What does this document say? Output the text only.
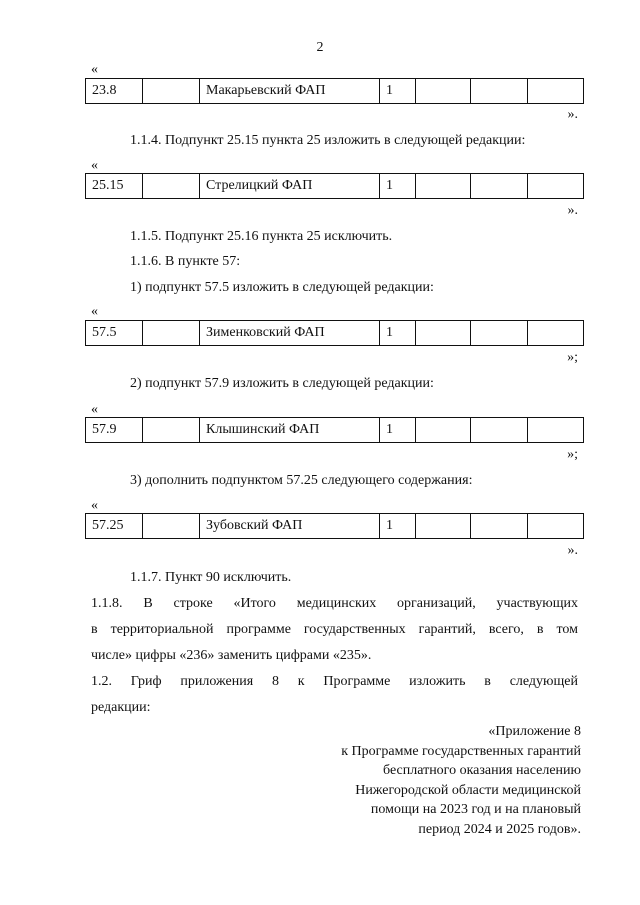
2
«
23.8		Макарьевский ФАП	1			
».
1.1.4. Подпункт 25.15 пункта 25 изложить в следующей редакции:
«
25.15		Стрелицкий ФАП	1			
».
1.1.5. Подпункт 25.16 пункта 25 исключить.
1.1.6. В пункте 57:
1) подпункт 57.5 изложить в следующей редакции:
«
57.5		Зименковский ФАП	1			
»;
2) подпункт 57.9 изложить в следующей редакции:
«
57.9		Клышинский ФАП	1			
»;
3) дополнить подпунктом 57.25 следующего содержания:
«
57.25		Зубовский ФАП	1			
».
1.1.7. Пункт 90 исключить.
1.1.8. В строке «Итого медицинских организаций, участвующих
в территориальной программе государственных гарантий, всего, в том
числе» цифры «236» заменить цифрами «235».
1.2. Гриф приложения 8 к Программе изложить в следующей
редакции:
«Приложение 8
к Программе государственных гарантий
бесплатного оказания населению
Нижегородской области медицинской
помощи на 2023 год и на плановый
период 2024 и 2025 годов».
